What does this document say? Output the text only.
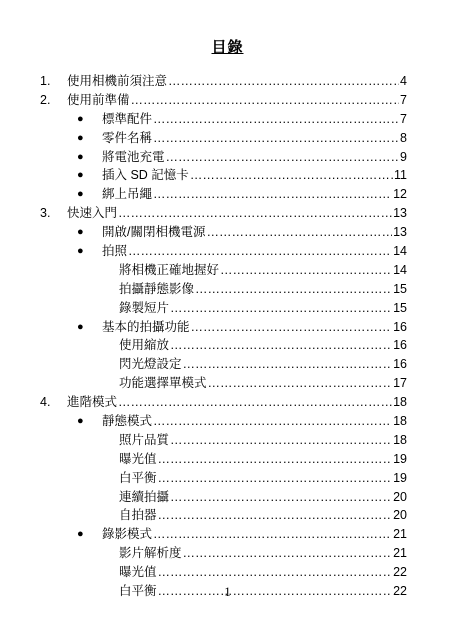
目錄
1. 使用相機前須注意 ……………………………………………………………………………………………………………………………………	4
2. 使用前準備 ……………………………………………………………………………………………………………………………………	7
● 標準配件 ……………………………………………………………………………………………………………………………………	7
● 零件名稱 ……………………………………………………………………………………………………………………………………	8
● 將電池充電 ……………………………………………………………………………………………………………………………………	9
● 插入 SD 記憶卡 ……………………………………………………………………………………………………………………………………	11
● 綁上吊繩 ……………………………………………………………………………………………………………………………………	12
3. 快速入門 ……………………………………………………………………………………………………………………………………	13
● 開啟/關閉相機電源 ……………………………………………………………………………………………………………………………………	13
● 拍照 ……………………………………………………………………………………………………………………………………	14
將相機正確地握好 ……………………………………………………………………………………………………………………………………	14
拍攝靜態影像 ……………………………………………………………………………………………………………………………………	15
錄製短片 ……………………………………………………………………………………………………………………………………	15
● 基本的拍攝功能 ……………………………………………………………………………………………………………………………………	16
使用縮放 ……………………………………………………………………………………………………………………………………	16
閃光燈設定 ……………………………………………………………………………………………………………………………………	16
功能選擇單模式 ……………………………………………………………………………………………………………………………………	17
4. 進階模式 ……………………………………………………………………………………………………………………………………	18
● 靜態模式 ……………………………………………………………………………………………………………………………………	18
照片品質 ……………………………………………………………………………………………………………………………………	18
曝光值 ……………………………………………………………………………………………………………………………………	19
白平衡 ……………………………………………………………………………………………………………………………………	19
連續拍攝 ……………………………………………………………………………………………………………………………………	20
自拍器 ……………………………………………………………………………………………………………………………………	20
● 錄影模式 ……………………………………………………………………………………………………………………………………	21
影片解析度 ……………………………………………………………………………………………………………………………………	21
曝光值 ……………………………………………………………………………………………………………………………………	22
白平衡 ……………………………………………………………………………………………………………………………………	22
1
